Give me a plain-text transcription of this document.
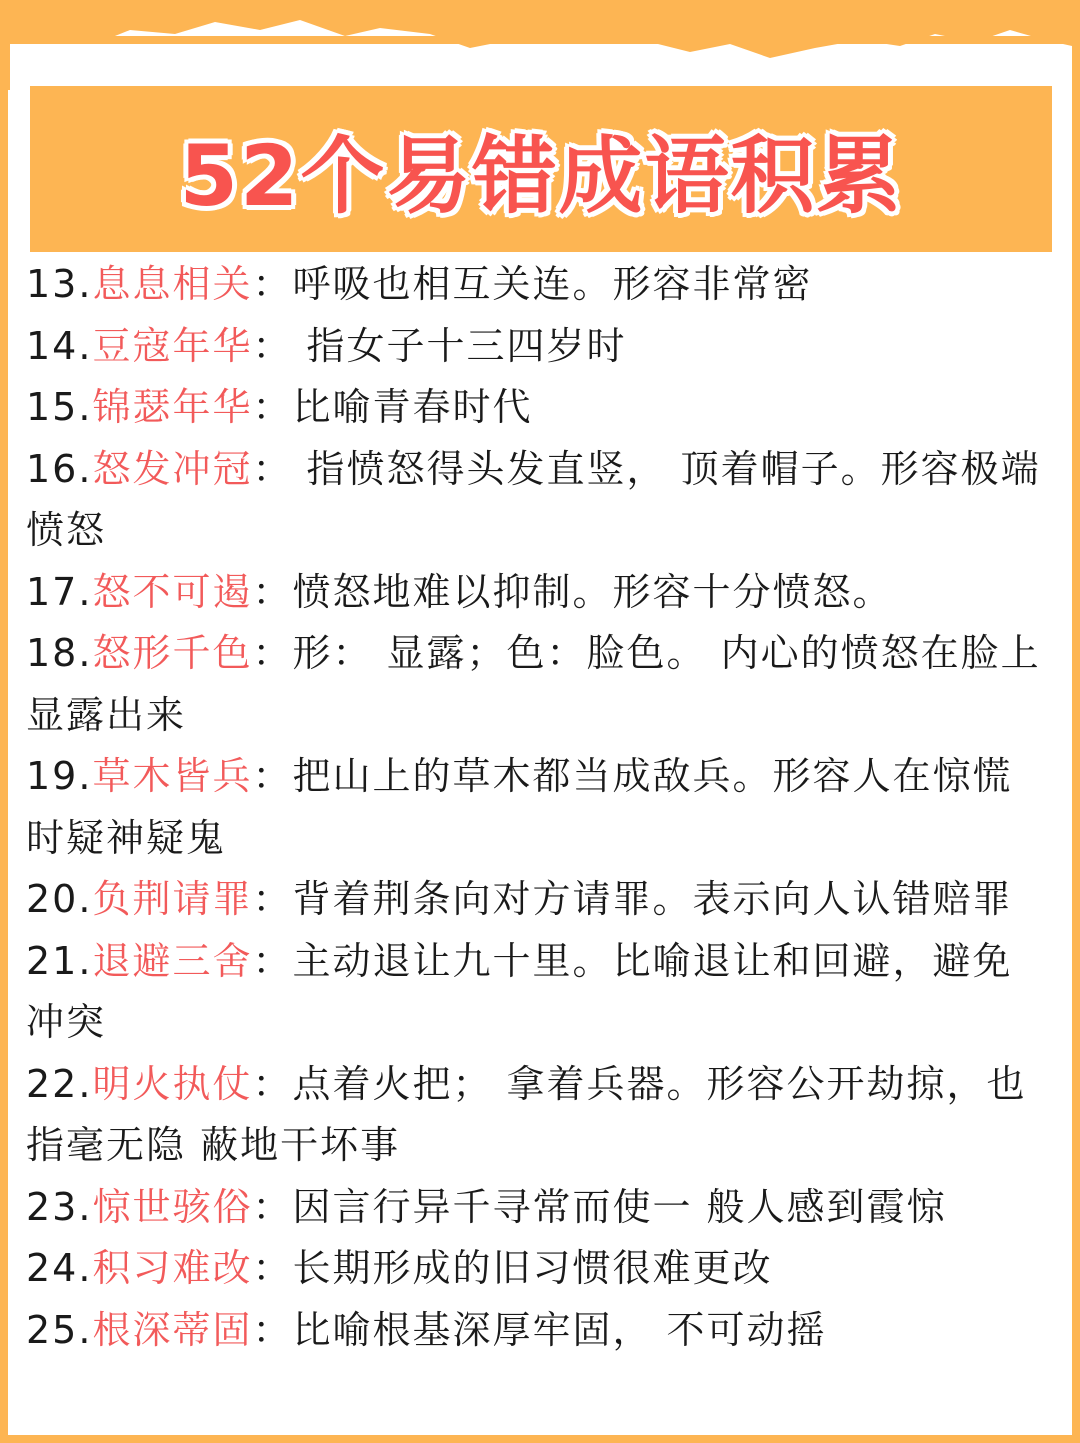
52个易错成语积累
13.息息相关：呼吸也相互关连。形容非常密
14.豆寇年华： 指女子十三四岁时
15.锦瑟年华：比喻青春时代
16.怒发冲冠： 指愤怒得头发直竖， 顶着帽子。形容极端愤怒
17.怒不可遏：愤怒地难以抑制。形容十分愤怒。
18.怒形千色：形： 显露；色：脸色。 内心的愤怒在脸上显露出来
19.草木皆兵：把山上的草木都当成敌兵。形容人在惊慌时疑神疑鬼
20.负荆请罪：背着荆条向对方请罪。表示向人认错赔罪
21.退避三舍：主动退让九十里。比喻退让和回避，避免冲突
22.明火执仗：点着火把； 拿着兵器。形容公开劫掠，也指毫无隐 蔽地干坏事
23.惊世骇俗：因言行异千寻常而使一 般人感到霞惊
24.积习难改：长期形成的旧习惯很难更改
25.根深蒂固：比喻根基深厚牢固， 不可动摇
